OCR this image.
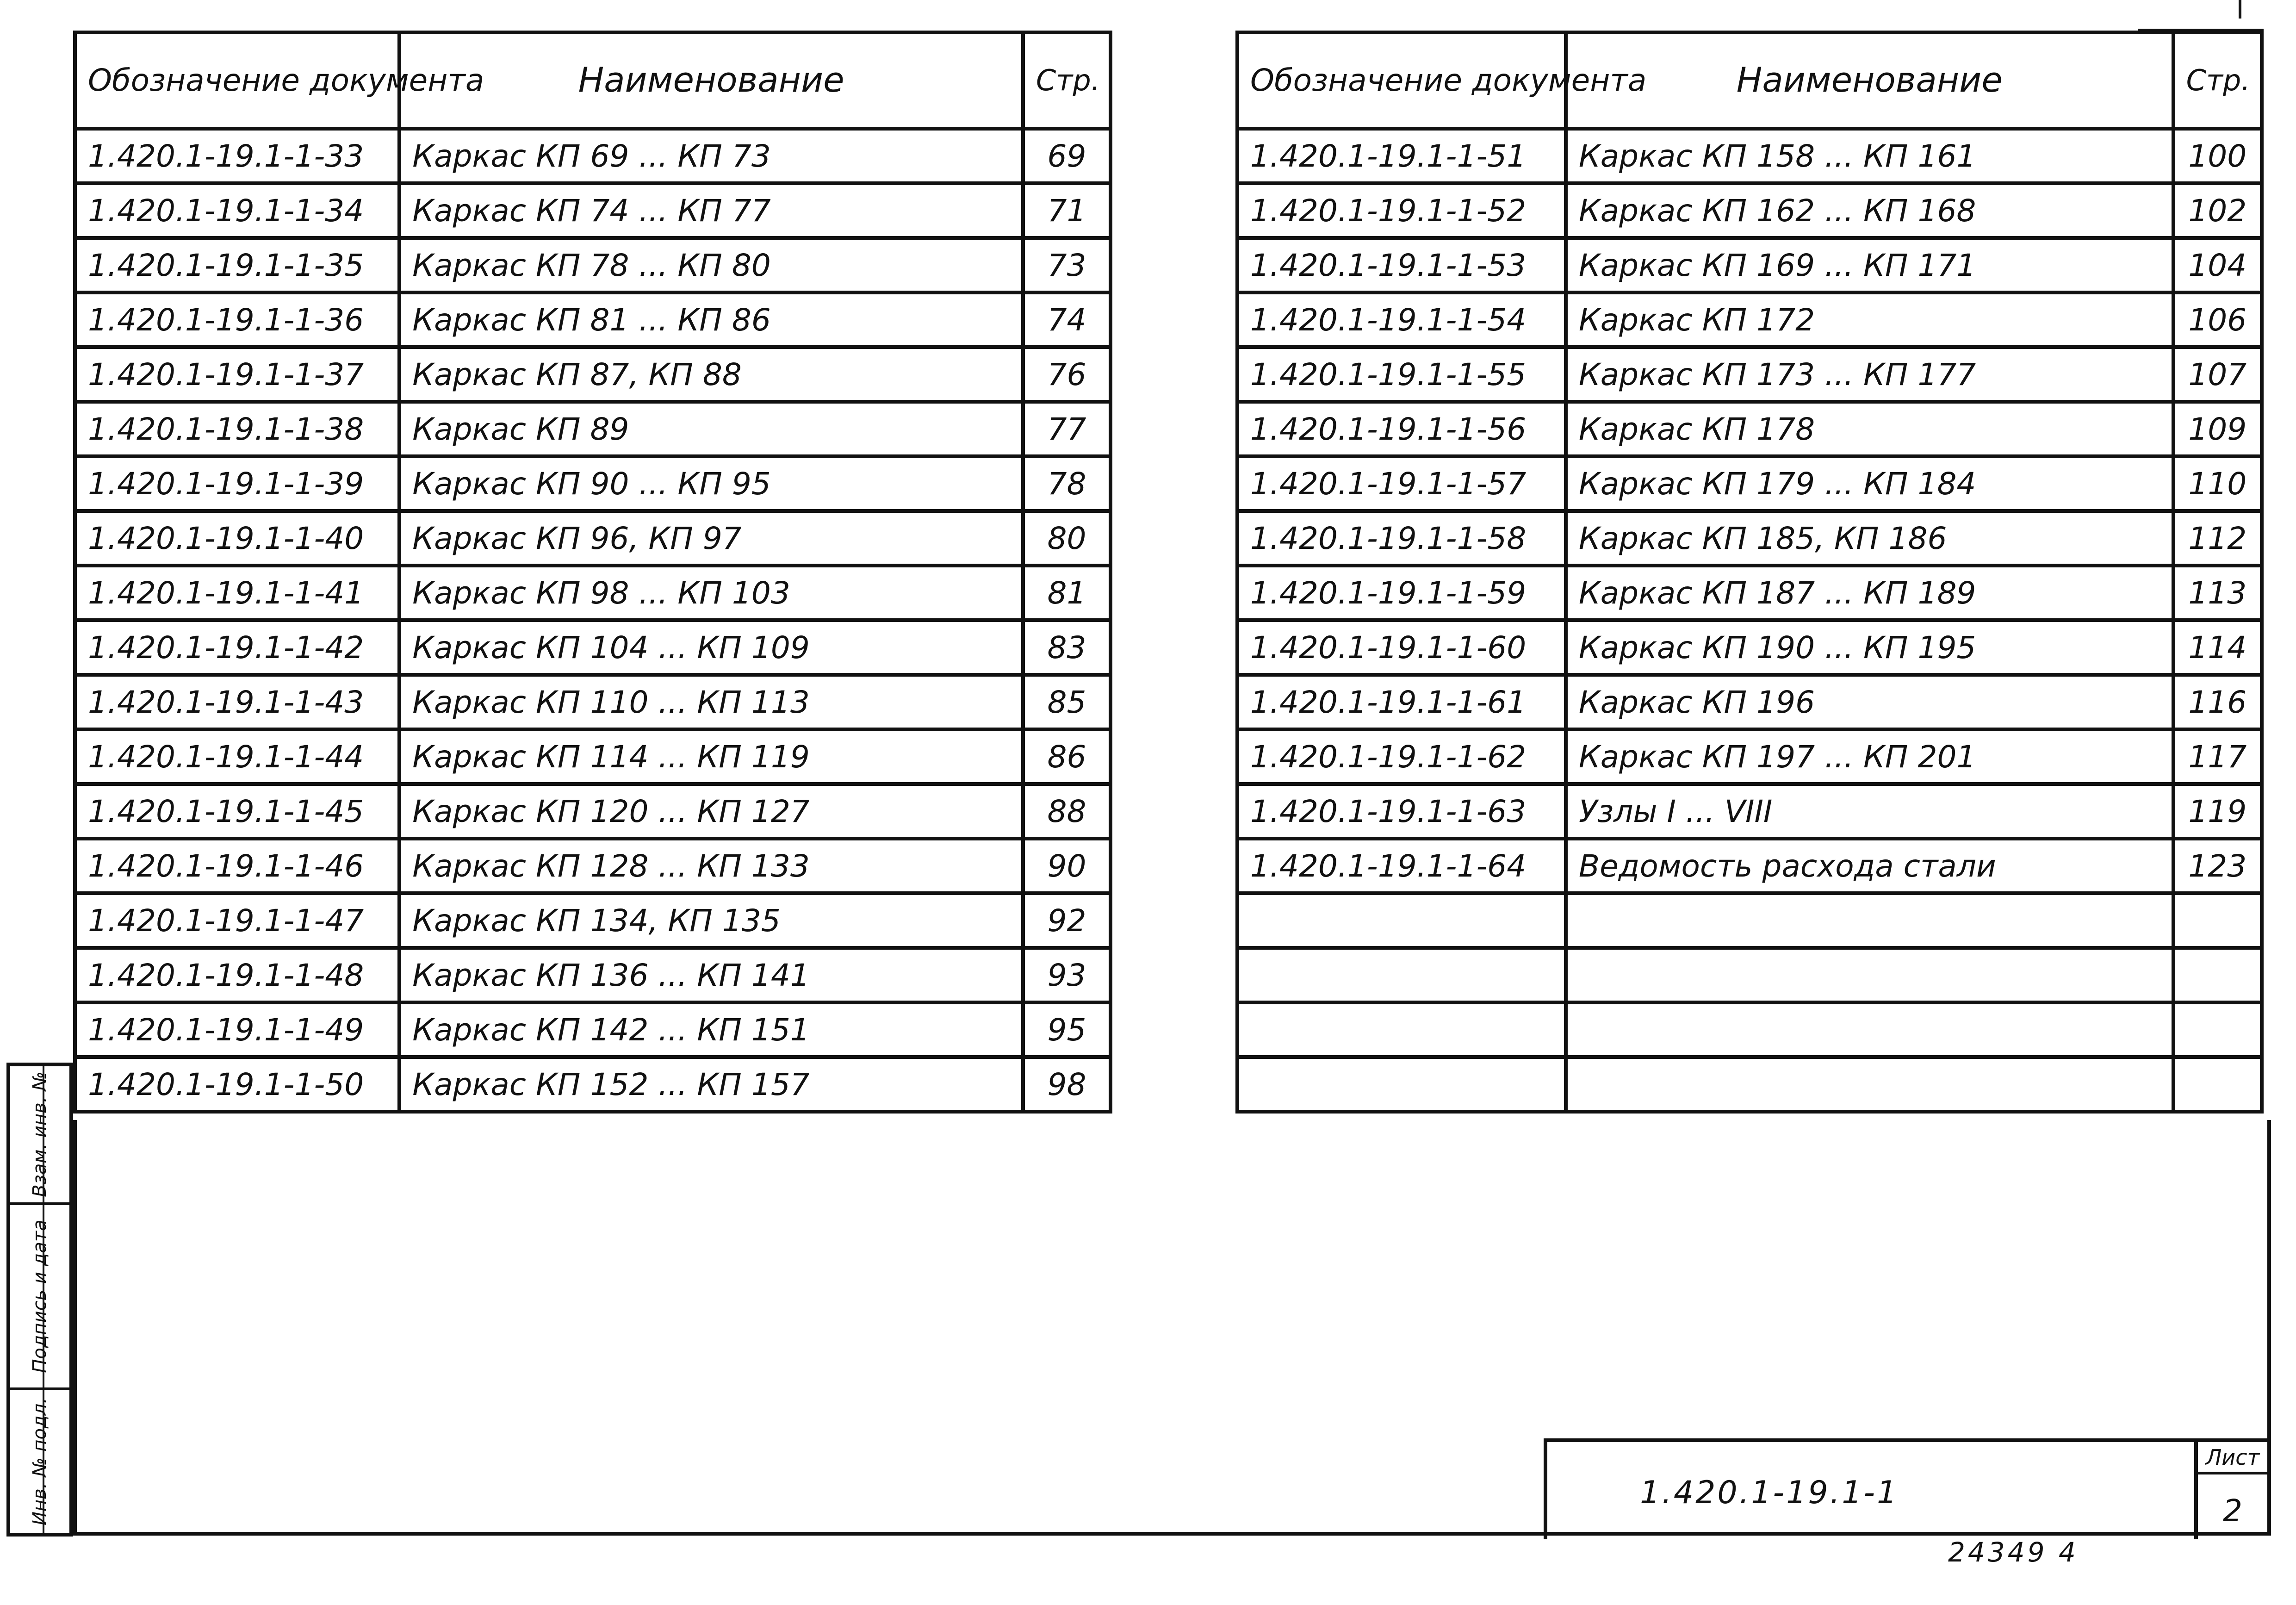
Обозначение документа	Наименование	Стр.
1.420.1-19.1-1-33	Каркас КП 69 ... КП 73	69
1.420.1-19.1-1-34	Каркас КП 74 ... КП 77	71
1.420.1-19.1-1-35	Каркас КП 78 ... КП 80	73
1.420.1-19.1-1-36	Каркас КП 81 ... КП 86	74
1.420.1-19.1-1-37	Каркас КП 87, КП 88	76
1.420.1-19.1-1-38	Каркас КП 89	77
1.420.1-19.1-1-39	Каркас КП 90 ... КП 95	78
1.420.1-19.1-1-40	Каркас КП 96, КП 97	80
1.420.1-19.1-1-41	Каркас КП 98 ... КП 103	81
1.420.1-19.1-1-42	Каркас КП 104 ... КП 109	83
1.420.1-19.1-1-43	Каркас КП 110 ... КП 113	85
1.420.1-19.1-1-44	Каркас КП 114 ... КП 119	86
1.420.1-19.1-1-45	Каркас КП 120 ... КП 127	88
1.420.1-19.1-1-46	Каркас КП 128 ... КП 133	90
1.420.1-19.1-1-47	Каркас КП 134, КП 135	92
1.420.1-19.1-1-48	Каркас КП 136 ... КП 141	93
1.420.1-19.1-1-49	Каркас КП 142 ... КП 151	95
1.420.1-19.1-1-50	Каркас КП 152 ... КП 157	98
Обозначение документа	Наименование	Стр.
1.420.1-19.1-1-51	Каркас КП 158 ... КП 161	100
1.420.1-19.1-1-52	Каркас КП 162 ... КП 168	102
1.420.1-19.1-1-53	Каркас КП 169 ... КП 171	104
1.420.1-19.1-1-54	Каркас КП 172	106
1.420.1-19.1-1-55	Каркас КП 173 ... КП 177	107
1.420.1-19.1-1-56	Каркас КП 178	109
1.420.1-19.1-1-57	Каркас КП 179 ... КП 184	110
1.420.1-19.1-1-58	Каркас КП 185, КП 186	112
1.420.1-19.1-1-59	Каркас КП 187 ... КП 189	113
1.420.1-19.1-1-60	Каркас КП 190 ... КП 195	114
1.420.1-19.1-1-61	Каркас КП 196	116
1.420.1-19.1-1-62	Каркас КП 197 ... КП 201	117
1.420.1-19.1-1-63	Узлы I ... VIII	119
1.420.1-19.1-1-64	Ведомость расхода стали	123

Взам. инв. №
Подпись и дата
Инв. № подл.	1.420.1-19.1-1
Лист
2
24349 4
